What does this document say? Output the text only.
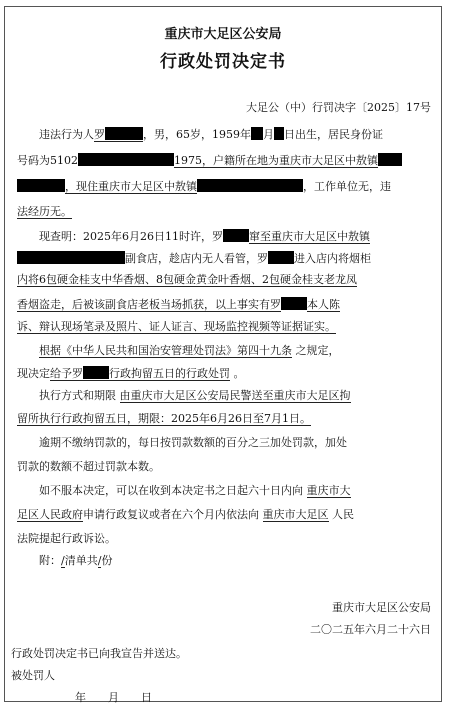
重庆市大足区公安局
行政处罚决定书
大足公（中）行罚决字〔2025〕17号
违法行为人罗	，男，65岁，1959年 月 日出生，居民身份证
号码为5102	1975，户籍所在地为重庆市大足区中敖镇
，现住重庆市大足区中敖镇	，工作单位无，违
法经历无。
现查明：2025年6月26日11时许，罗 窜至重庆市大足区中敖镇
副食店，趁店内无人看管，罗 进入店内将烟柜
内将6包硬金桂支中华香烟、8包硬金黄金叶香烟、2包硬金桂支老龙凤
香烟盗走，后被该副食店老板当场抓获，以上事实有罗 本人陈
诉、辩认现场笔录及照片、证人证言、现场监控视频等证据证实。
根据《中华人民共和国治安管理处罚法》第四十九条 之规定，
现决定给予罗 行政拘留五日的行政处罚 。
执行方式和期限 由重庆市大足区公安局民警送至重庆市大足区拘
留所执行行政拘留五日，期限：2025年6月26日至7月1日。
逾期不缴纳罚款的，每日按罚款数额的百分之三加处罚款，加处
罚款的数额不超过罚款本数。
如不服本决定，可以在收到本决定书之日起六十日内向 重庆市大
足区人民政府申请行政复议或者在六个月内依法向 重庆市大足区 人民
法院提起行政诉讼。
附：/清单共/份
重庆市大足区公安局
二〇二五年六月二十六日
行政处罚决定书已向我宣告并送达。
被处罚人
年　　月　　日
